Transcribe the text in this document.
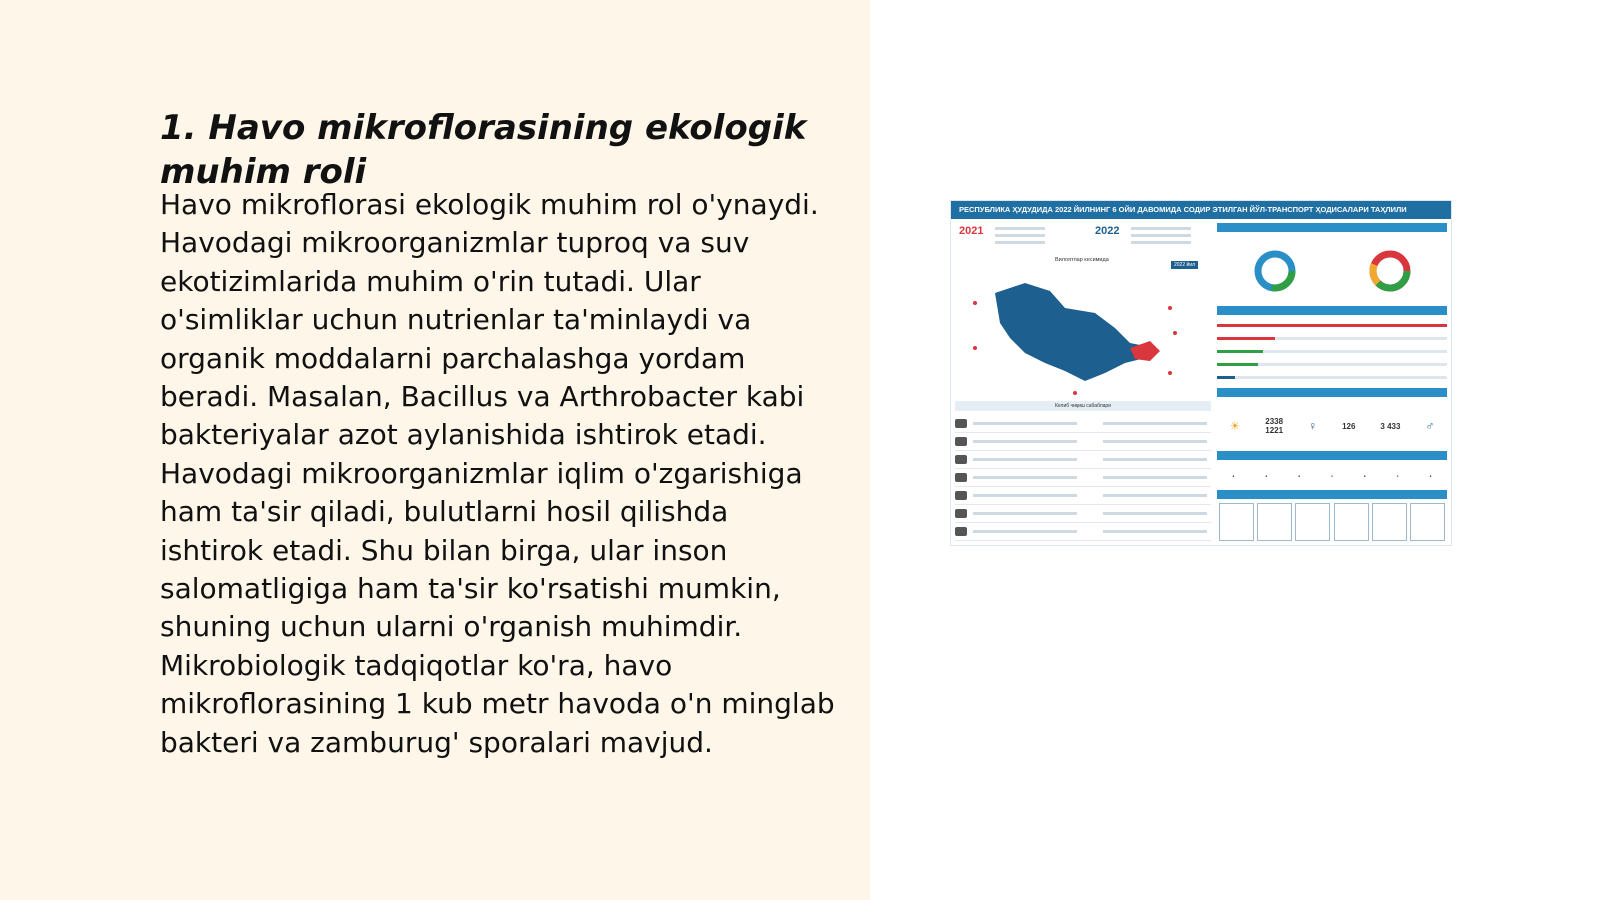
1. Havo mikroflorasining ekologik muhim roli

Havo mikroflorasi ekologik muhim rol o'ynaydi. Havodagi mikroorganizmlar tuproq va suv ekotizimlarida muhim o'rin tutadi. Ular o'simliklar uchun nutrienlar ta'minlaydi va organik moddalarni parchalashga yordam beradi. Masalan, Bacillus va Arthrobacter kabi bakteriyalar azot aylanishida ishtirok etadi. Havodagi mikroorganizmlar iqlim o'zgarishiga ham ta'sir qiladi, bulutlarni hosil qilishda ishtirok etadi. Shu bilan birga, ular inson salomatligiga ham ta'sir ko'rsatishi mumkin, shuning uchun ularni o'rganish muhimdir. Mikrobiologik tadqiqotlar ko'ra, havo mikroflorasining 1 kub metr havoda o'n minglab bakteri va zamburug' sporalari mavjud.

РЕСПУБЛИКА ҲУДУДИДА 2022 ЙИЛНИНГ 6 ОЙИ ДАВОМИДА СОДИР ЭТИЛГАН ЙЎЛ-ТРАНСПОРТ ҲОДИСАЛАРИ ТАҲЛИЛИ
2021	2022
Вилоятлар кесимида
2022 йил
Келиб чиқиш сабаблари
☀	2338
1221 ♀	126	3 433 ♂
•	•	•	•	•	•	•
